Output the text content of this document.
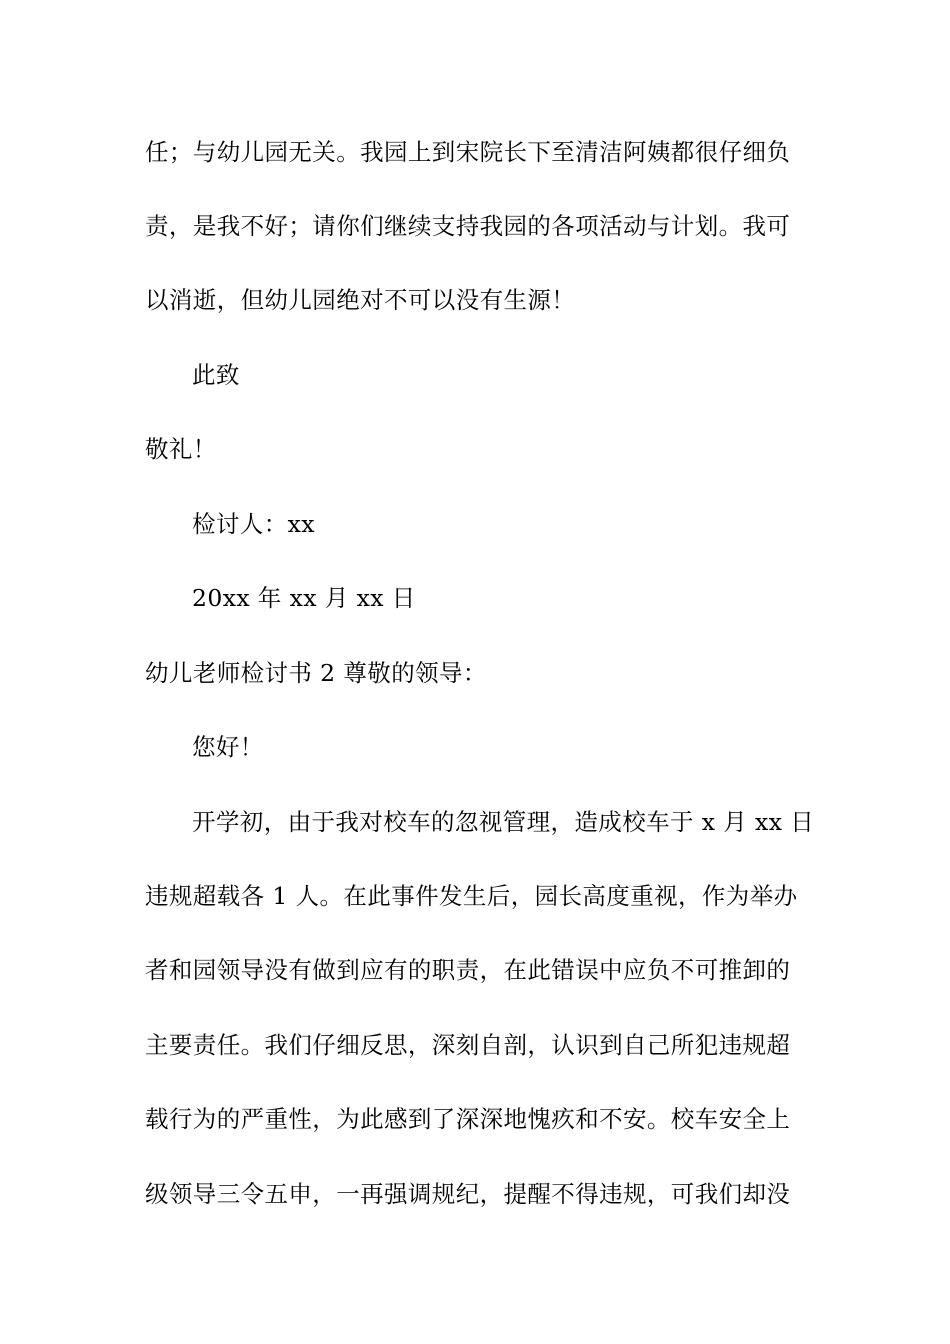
任；与幼儿园无关。我园上到宋院长下至清洁阿姨都很仔细负
责，是我不好；请你们继续支持我园的各项活动与计划。我可
以消逝，但幼儿园绝对不可以没有生源！
此致
敬礼！
检讨人：xx
20xx 年 xx 月 xx 日
幼儿老师检讨书 2 尊敬的领导：
您好！
开学初，由于我对校车的忽视管理，造成校车于 x 月 xx 日
违规超载各 1 人。在此事件发生后，园长高度重视，作为举办
者和园领导没有做到应有的职责，在此错误中应负不可推卸的
主要责任。我们仔细反思，深刻自剖，认识到自己所犯违规超
载行为的严重性，为此感到了深深地愧疚和不安。校车安全上
级领导三令五申，一再强调规纪，提醒不得违规，可我们却没
